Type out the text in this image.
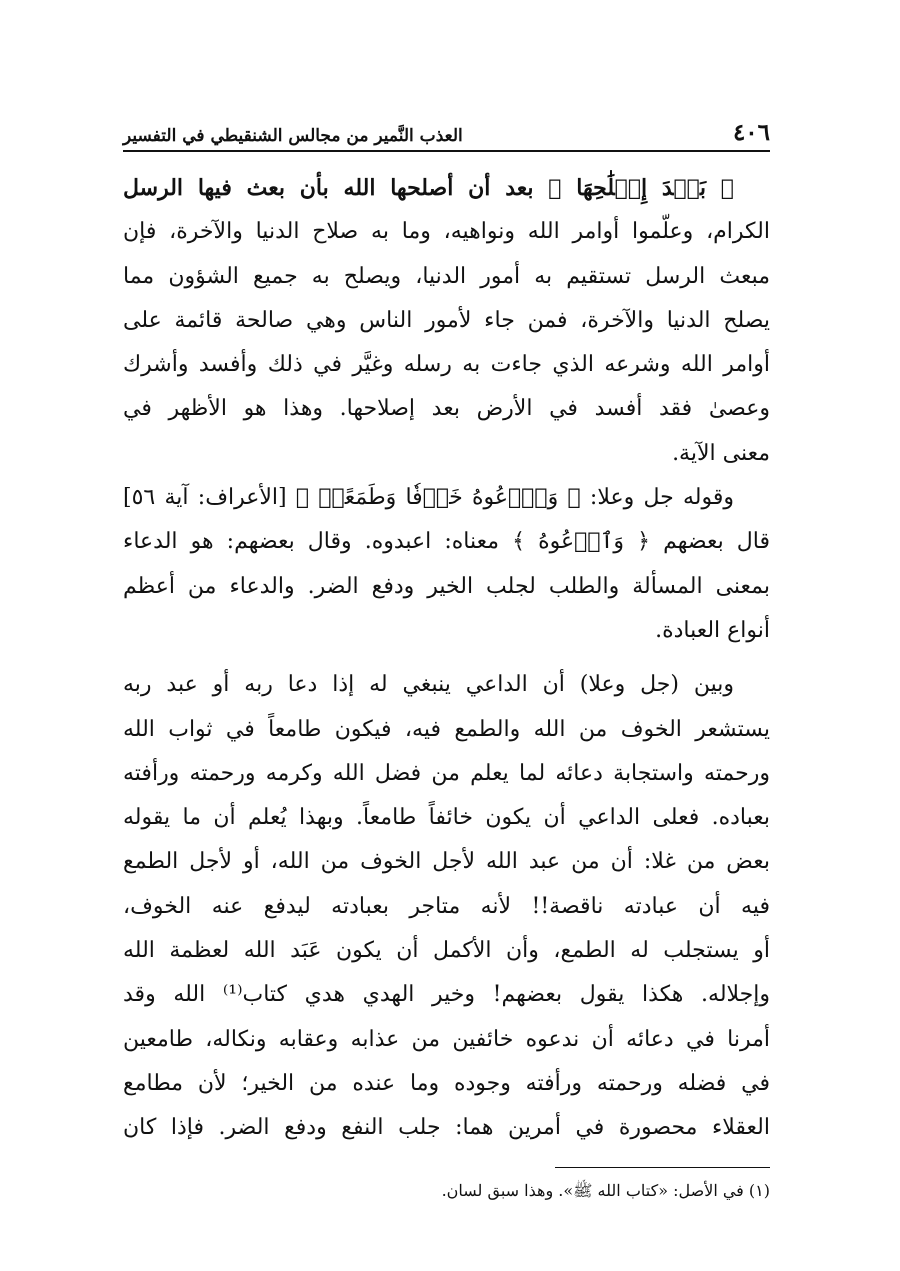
٤٠٦
العذب النَّمير من مجالس الشنقيطي في التفسير
﴿ بَعۡدَ إِصۡلَٰحِهَا ﴾ بعد أن أصلحها الله بأن بعث فيها الرسل
الكرام، وعلّموا أوامر الله ونواهيه، وما به صلاح الدنيا والآخرة، فإن
مبعث الرسل تستقيم به أمور الدنيا، ويصلح به جميع الشؤون مما
يصلح الدنيا والآخرة، فمن جاء لأمور الناس وهي صالحة قائمة على
أوامر الله وشرعه الذي جاءت به رسله وغيَّر في ذلك وأفسد وأشرك
وعصىٰ فقد أفسد في الأرض بعد إصلاحها. وهذا هو الأظهر في
معنى الآية.
وقوله جل وعلا: ﴿ وَٱدۡعُوهُ خَوۡفٗا وَطَمَعًاۚ ﴾ [الأعراف: آية ٥٦]
قال بعضهم ﴿ وَٱدۡعُوهُ ﴾ معناه: اعبدوه. وقال بعضهم: هو الدعاء
بمعنى المسألة والطلب لجلب الخير ودفع الضر. والدعاء من أعظم
أنواع العبادة.
وبين (جل وعلا) أن الداعي ينبغي له إذا دعا ربه أو عبد ربه
يستشعر الخوف من الله والطمع فيه، فيكون طامعاً في ثواب الله
ورحمته واستجابة دعائه لما يعلم من فضل الله وكرمه ورحمته ورأفته
بعباده. فعلى الداعي أن يكون خائفاً طامعاً. وبهذا يُعلم أن ما يقوله
بعض من غلا: أن من عبد الله لأجل الخوف من الله، أو لأجل الطمع
فيه أن عبادته ناقصة!! لأنه متاجر بعبادته ليدفع عنه الخوف،
أو يستجلب له الطمع، وأن الأكمل أن يكون عَبَد الله لعظمة الله
وإجلاله. هكذا يقول بعضهم! وخير الهدي هدي كتاب⁽¹⁾ الله وقد
أمرنا في دعائه أن ندعوه خائفين من عذابه وعقابه ونكاله، طامعين
في فضله ورحمته ورأفته وجوده وما عنده من الخير؛ لأن مطامع
العقلاء محصورة في أمرين هما: جلب النفع ودفع الضر. فإذا كان
(١) في الأصل: «كتاب الله ﷺ». وهذا سبق لسان.
